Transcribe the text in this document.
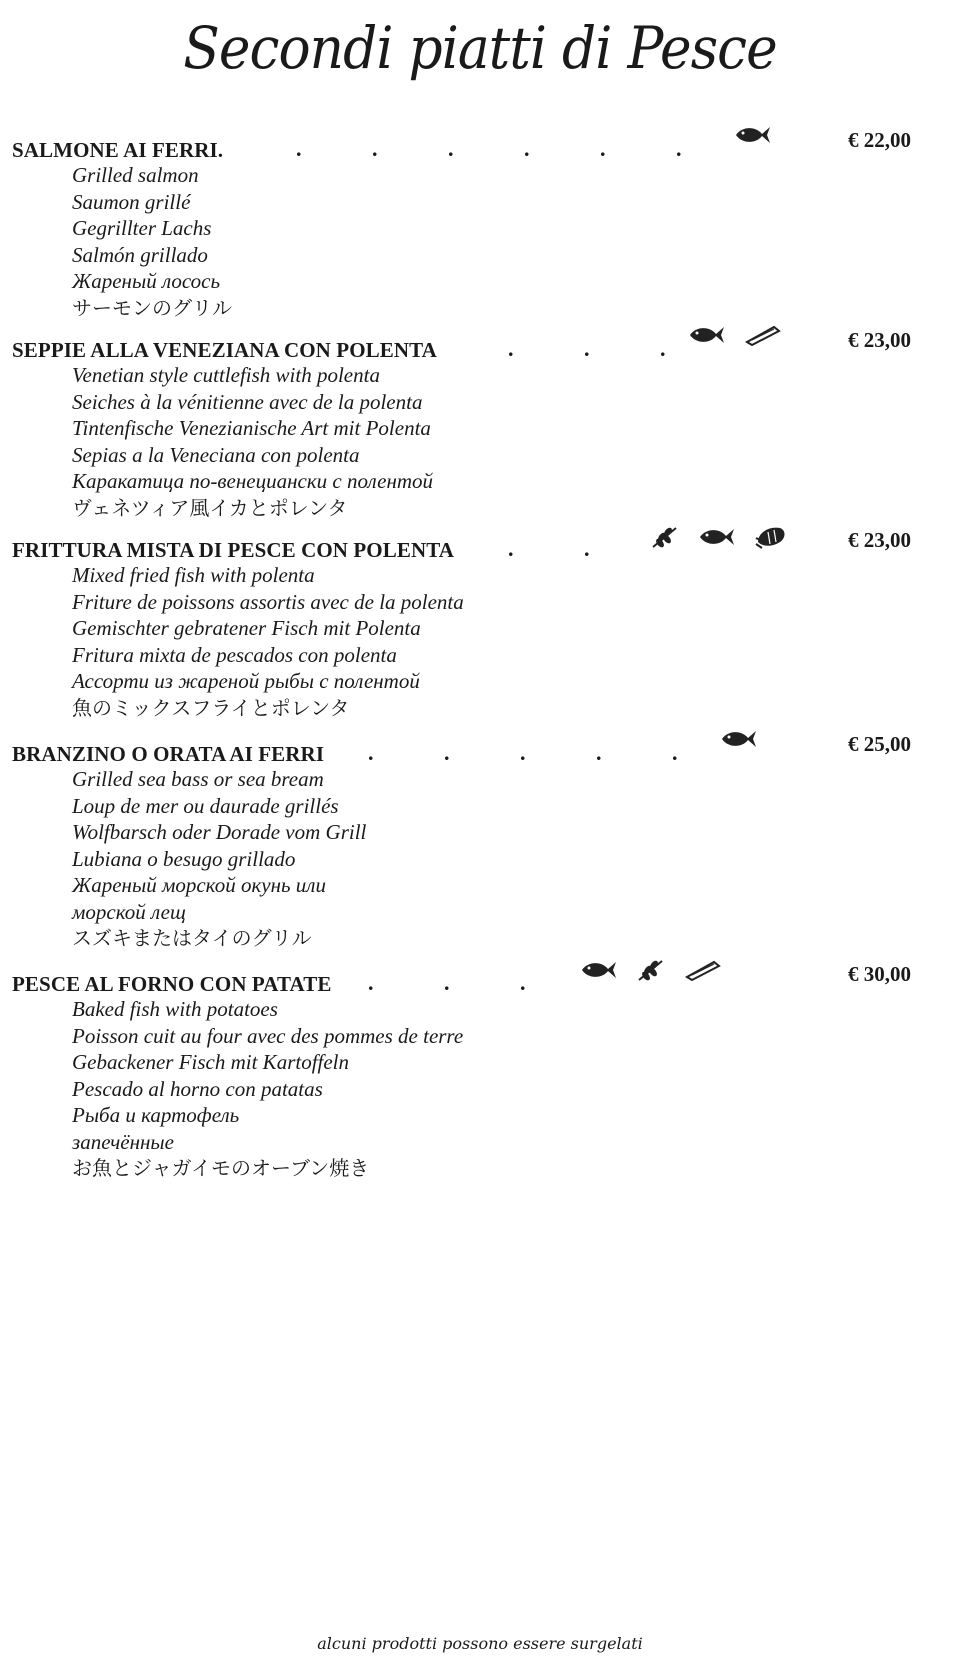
Secondi piatti di Pesce
SALMONE AI FERRI.	.	.	.	.	.	.	€ 22,00
Grilled salmon
Saumon grillé
Gegrillter Lachs
Salmón grillado
Жареный лосось
サーモンのグリル
SEPPIE ALLA VENEZIANA CON POLENTA	.	.	.	€ 23,00
Venetian style cuttlefish with polenta
Seiches à la vénitienne avec de la polenta
Tintenfische Venezianische Art mit Polenta
Sepias a la Veneciana con polenta
Каракатица по-венециански с полентой
ヴェネツィア風イカとポレンタ
FRITTURA MISTA DI PESCE CON POLENTA .	.	€ 23,00
Mixed fried fish with polenta
Friture de poissons assortis avec de la polenta
Gemischter gebratener Fisch mit Polenta
Fritura mixta de pescados con polenta
Ассорти из жареной рыбы с полентой
魚のミックスフライとポレンタ
BRANZINO O ORATA AI FERRI .	.	.	.	.	€ 25,00
Grilled sea bass or sea bream
Loup de mer ou daurade grillés
Wolfbarsch oder Dorade vom Grill
Lubiana o besugo grillado
Жареный морской окунь или
морской лещ
スズキまたはタイのグリル
PESCE AL FORNO CON PATATE .	.	.	€ 30,00
Baked fish with potatoes
Poisson cuit au four avec des pommes de terre
Gebackener Fisch mit Kartoffeln
Pescado al horno con patatas
Рыба и картофель
запечённые
お魚とジャガイモのオーブン焼き
alcuni prodotti possono essere surgelati
